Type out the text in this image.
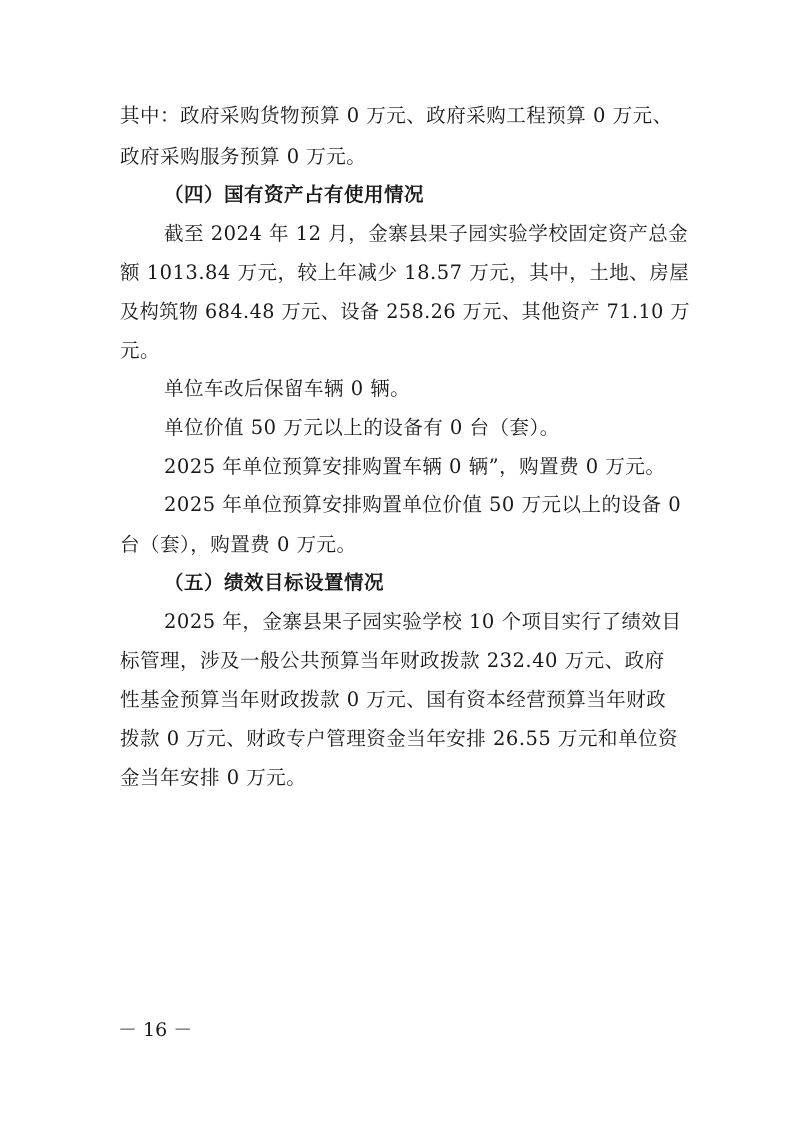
其中：政府采购货物预算 0 万元、政府采购工程预算 0 万元、
政府采购服务预算 0 万元。
（四）国有资产占有使用情况
截至 2024 年 12 月，金寨县果子园实验学校固定资产总金
额 1013.84 万元，较上年减少 18.57 万元，其中，土地、房屋
及构筑物 684.48 万元、设备 258.26 万元、其他资产 71.10 万
元。
单位车改后保留车辆 0 辆。
单位价值 50 万元以上的设备有 0 台（套）。
2025 年单位预算安排购置车辆 0 辆”，购置费 0 万元。
2025 年单位预算安排购置单位价值 50 万元以上的设备 0
台（套），购置费 0 万元。
（五）绩效目标设置情况
2025 年，金寨县果子园实验学校 10 个项目实行了绩效目
标管理，涉及一般公共预算当年财政拨款 232.40 万元、政府
性基金预算当年财政拨款 0 万元、国有资本经营预算当年财政
拨款 0 万元、财政专户管理资金当年安排 26.55 万元和单位资
金当年安排 0 万元。
－ 16 －
